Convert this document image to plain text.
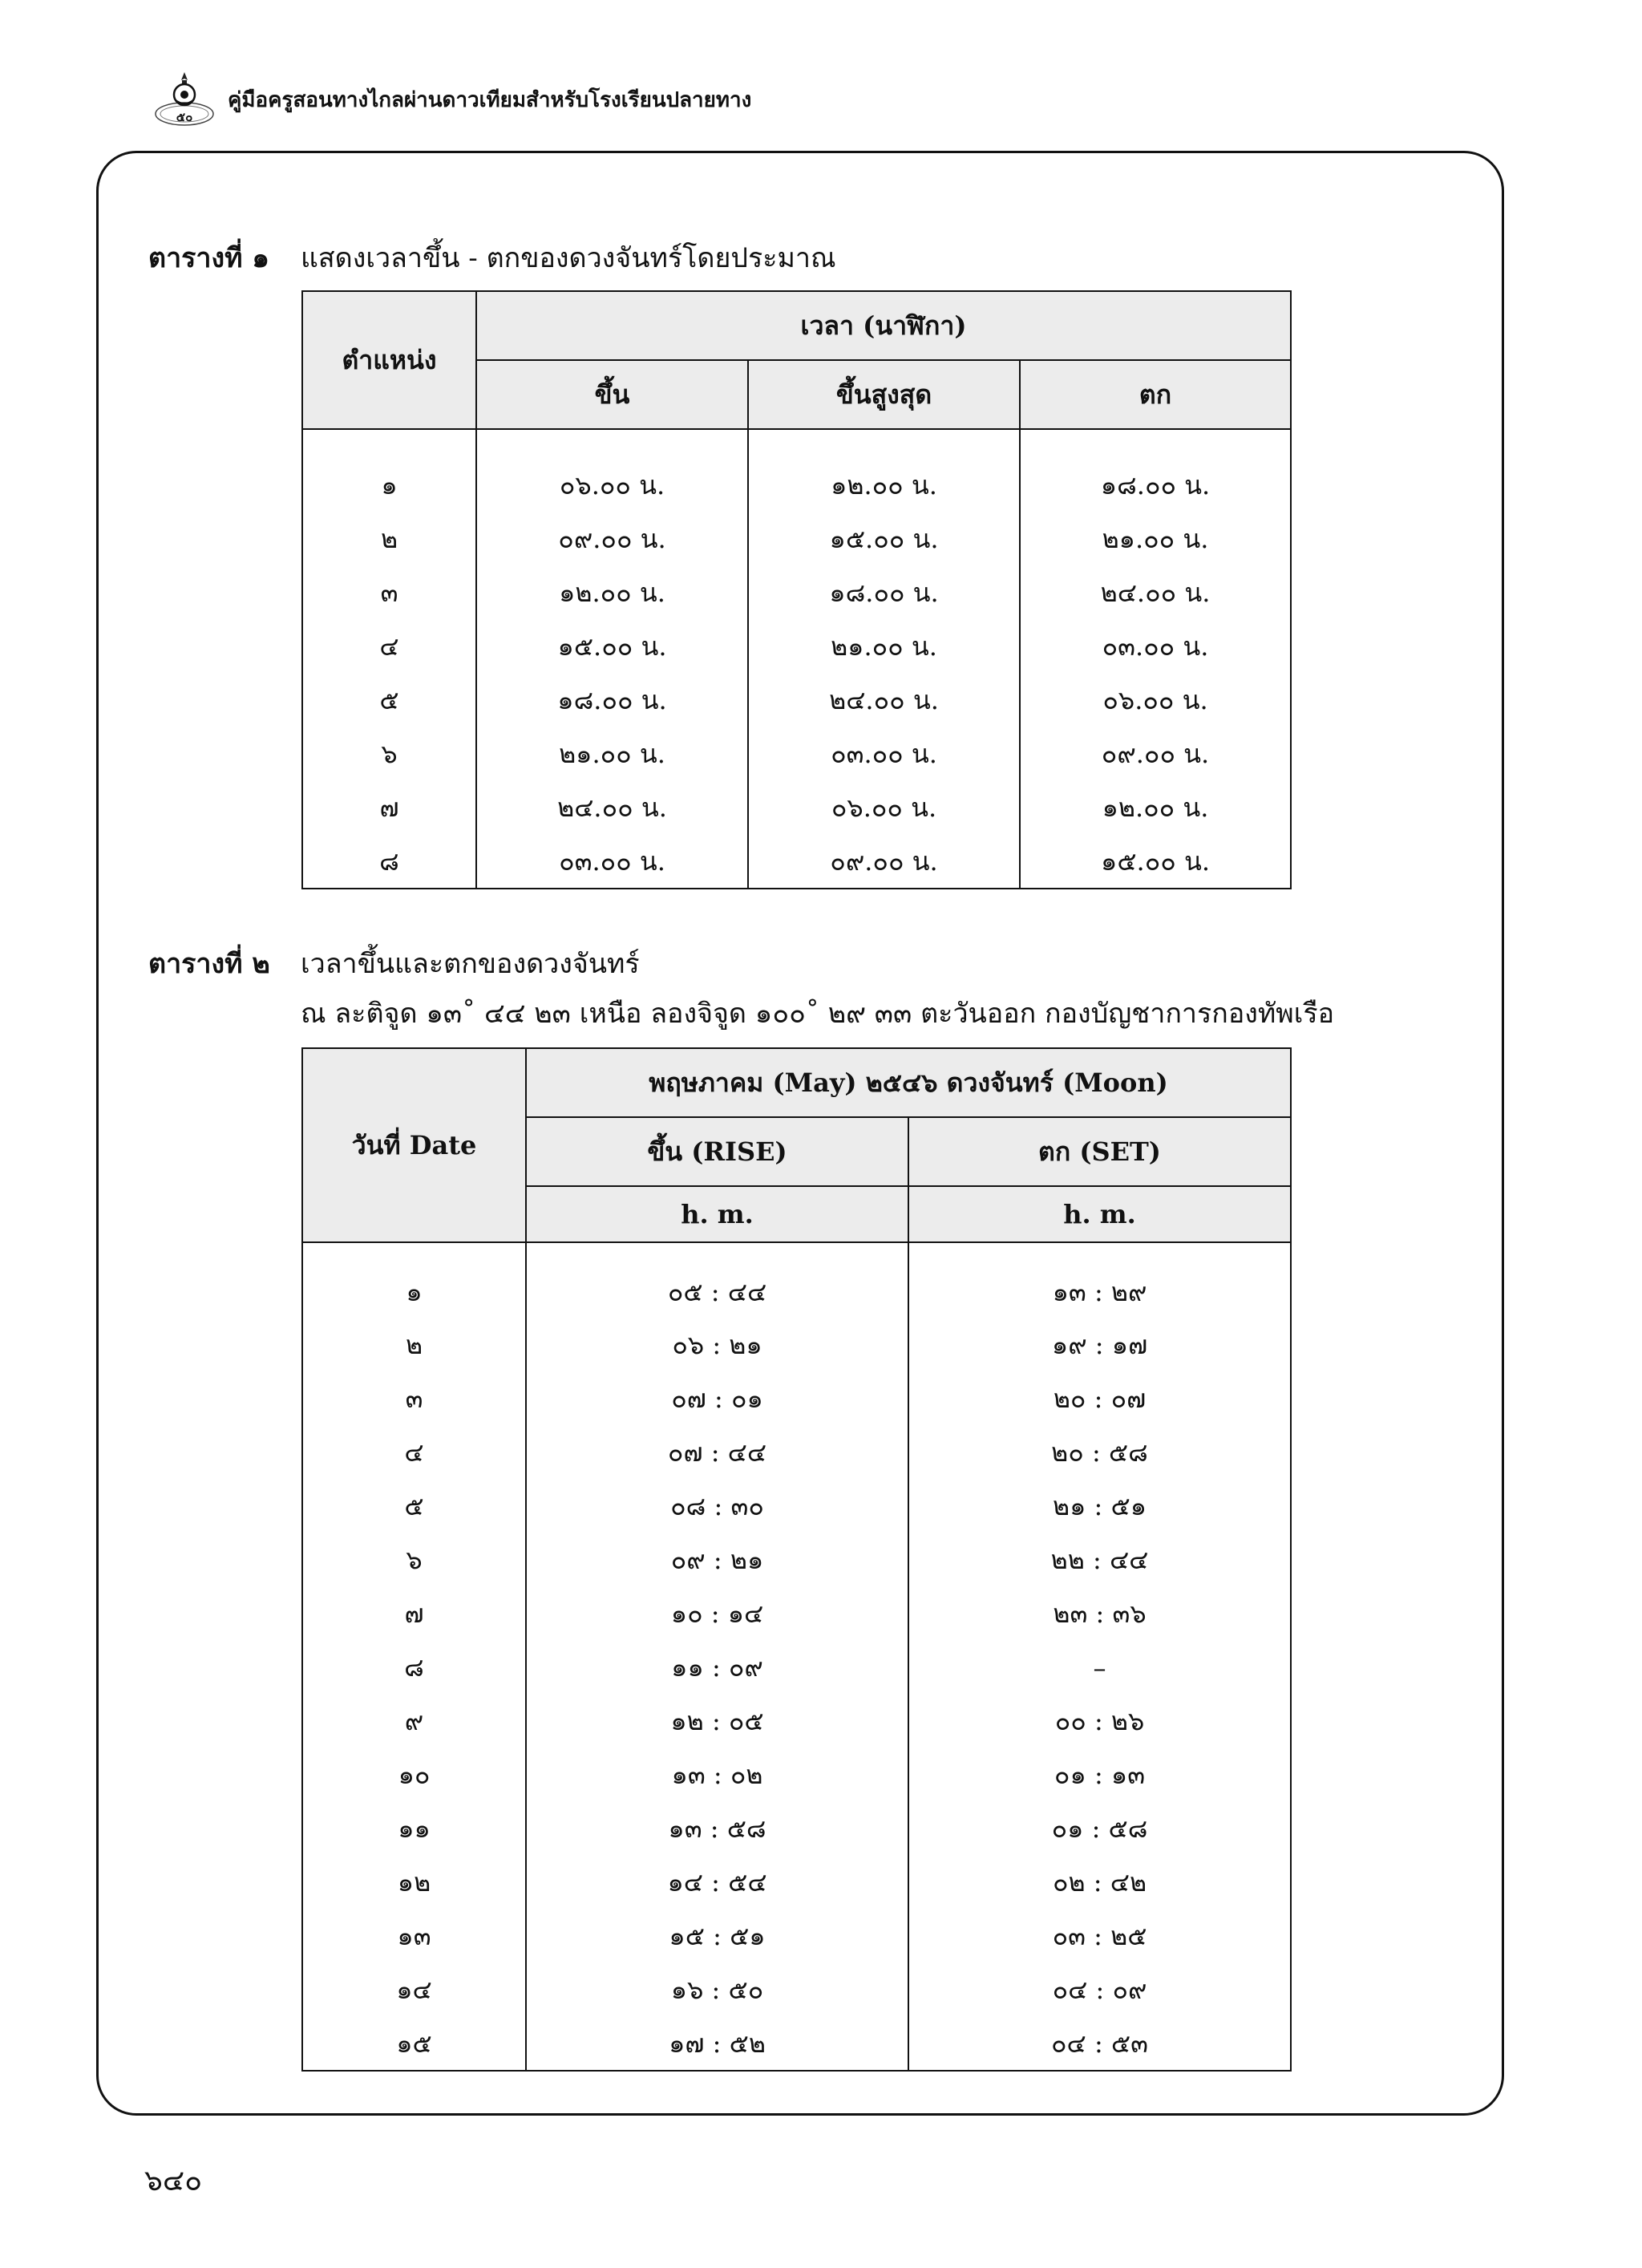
๕๐
คู่มือครูสอนทางไกลผ่านดาวเทียมสำหรับโรงเรียนปลายทาง
ตารางที่ ๑ แสดงเวลาขึ้น - ตกของดวงจันทร์โดยประมาณ
ตำแหน่ง	เวลา (นาฬิกา)		
	ขึ้น	ขึ้นสูงสุด	ตก
๑	๐๖.๐๐ น.	๑๒.๐๐ น.	๑๘.๐๐ น.
๒	๐๙.๐๐ น.	๑๕.๐๐ น.	๒๑.๐๐ น.
๓	๑๒.๐๐ น.	๑๘.๐๐ น.	๒๔.๐๐ น.
๔	๑๕.๐๐ น.	๒๑.๐๐ น.	๐๓.๐๐ น.
๕	๑๘.๐๐ น.	๒๔.๐๐ น.	๐๖.๐๐ น.
๖	๒๑.๐๐ น.	๐๓.๐๐ น.	๐๙.๐๐ น.
๗	๒๔.๐๐ น.	๐๖.๐๐ น.	๑๒.๐๐ น.
๘	๐๓.๐๐ น.	๐๙.๐๐ น.	๑๕.๐๐ น.
ตารางที่ ๒ เวลาขึ้นและตกของดวงจันทร์
ณ ละติจูด ๑๓˚ ๔๔ ๒๓ เหนือ ลองจิจูด ๑๐๐˚ ๒๙ ๓๓ ตะวันออก กองบัญชาการกองทัพเรือ
วันที่ Date	พฤษภาคม (May) ๒๕๔๖ ดวงจันทร์ (Moon)	
	ขึ้น (RISE)	ตก (SET)
	h. m.	h. m.
๑	๐๕ : ๔๔	๑๓ : ๒๙
๒	๐๖ : ๒๑	๑๙ : ๑๗
๓	๐๗ : ๐๑	๒๐ : ๐๗
๔	๐๗ : ๔๔	๒๐ : ๕๘
๕	๐๘ : ๓๐	๒๑ : ๕๑
๖	๐๙ : ๒๑	๒๒ : ๔๔
๗	๑๐ : ๑๔	๒๓ : ๓๖
๘	๑๑ : ๐๙	–
๙	๑๒ : ๐๕	๐๐ : ๒๖
๑๐	๑๓ : ๐๒	๐๑ : ๑๓
๑๑	๑๓ : ๕๘	๐๑ : ๕๘
๑๒	๑๔ : ๕๔	๐๒ : ๔๒
๑๓	๑๕ : ๕๑	๐๓ : ๒๕
๑๔	๑๖ : ๕๐	๐๔ : ๐๙
๑๕	๑๗ : ๕๒	๐๔ : ๕๓
๖๔๐
